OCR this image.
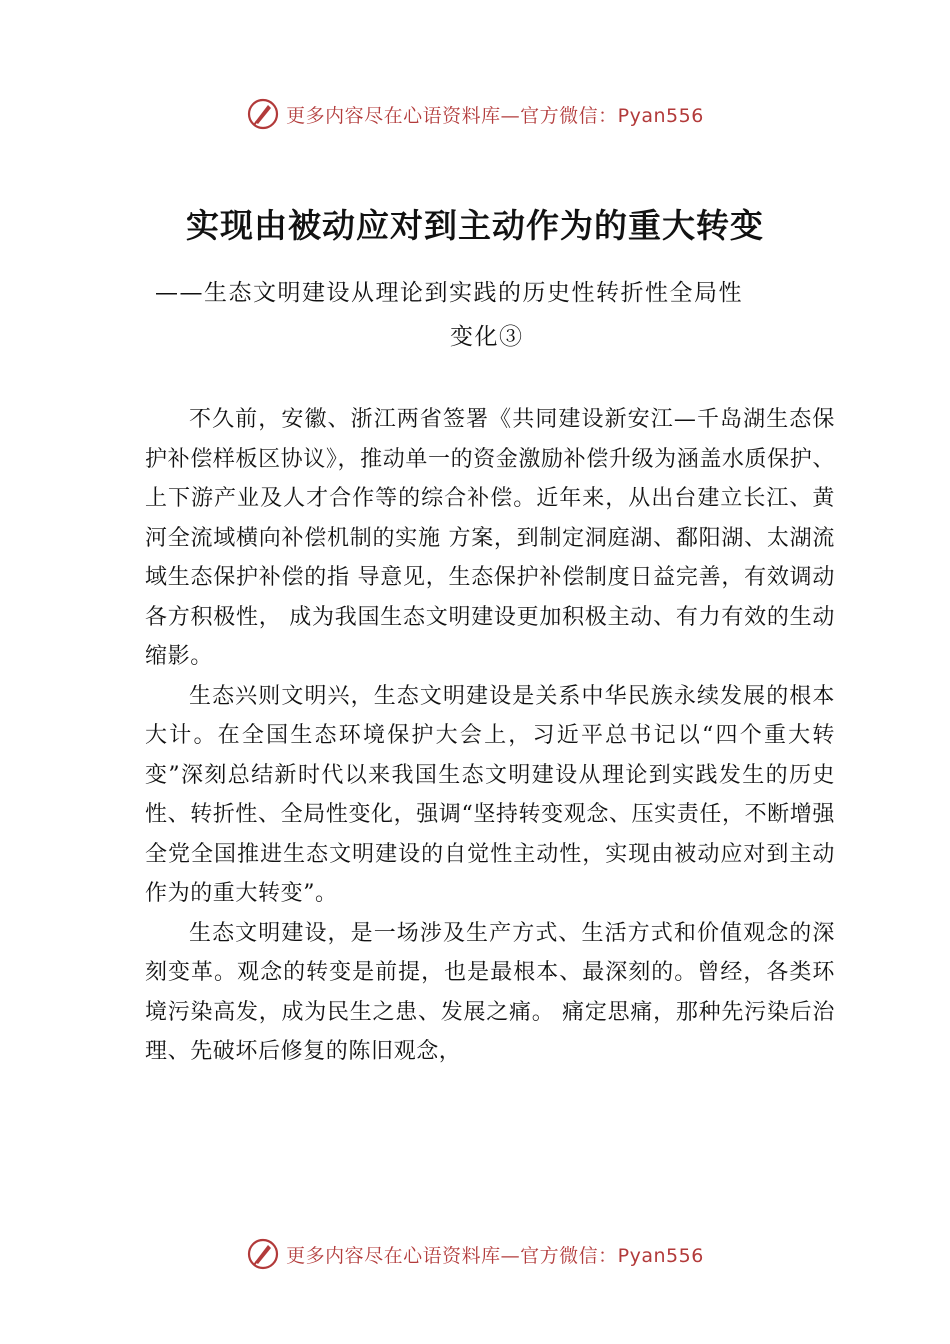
更多内容尽在心语资料库—官方微信：Pyan556
实现由被动应对到主动作为的重大转变

——生态文明建设从理论到实践的历史性转折性全局性

变化③

不久前，安徽、浙江两省签署《共同建设新安江—千岛湖生态保护补偿样板区协议》，推动单一的资金激励补偿升级为涵盖水质保护、上下游产业及人才合作等的综合补偿。近年来，从出台建立长江、黄河全流域横向补偿机制的实施 方案，到制定洞庭湖、鄱阳湖、太湖流域生态保护补偿的指 导意见，生态保护补偿制度日益完善，有效调动各方积极性， 成为我国生态文明建设更加积极主动、有力有效的生动缩影。

生态兴则文明兴，生态文明建设是关系中华民族永续发展的根本大计。在全国生态环境保护大会上，习近平总书记以“四个重大转变”深刻总结新时代以来我国生态文明建设从理论到实践发生的历史性、转折性、全局性变化，强调“坚持转变观念、压实责任，不断增强全党全国推进生态文明建设的自觉性主动性，实现由被动应对到主动作为的重大转变”。

生态文明建设，是一场涉及生产方式、生活方式和价值观念的深刻变革。观念的转变是前提，也是最根本、最深刻的。曾经，各类环境污染高发，成为民生之患、发展之痛。 痛定思痛，那种先污染后治理、先破坏后修复的陈旧观念，

更多内容尽在心语资料库—官方微信：Pyan556
